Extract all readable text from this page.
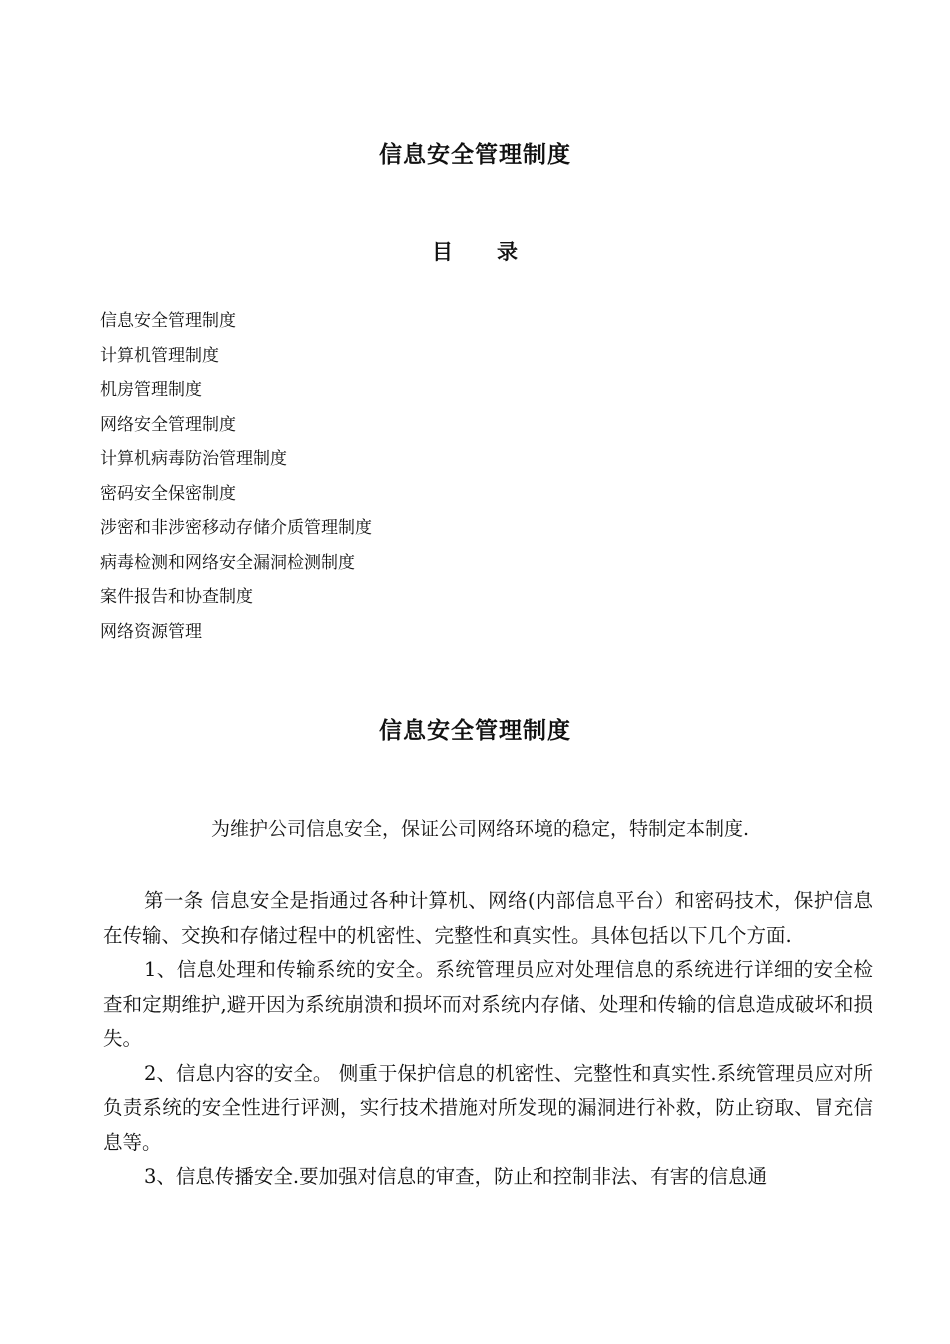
信息安全管理制度
目 录
信息安全管理制度
计算机管理制度
机房管理制度
网络安全管理制度
计算机病毒防治管理制度
密码安全保密制度
涉密和非涉密移动存储介质管理制度
病毒检测和网络安全漏洞检测制度
案件报告和协查制度
网络资源管理
信息安全管理制度

为维护公司信息安全，保证公司网络环境的稳定，特制定本制度.

第一条 信息安全是指通过各种计算机、网络(内部信息平台）和密码技术，保护信息在传输、交换和存储过程中的机密性、完整性和真实性。具体包括以下几个方面.

1、信息处理和传输系统的安全。系统管理员应对处理信息的系统进行详细的安全检查和定期维护,避开因为系统崩溃和损坏而对系统内存储、处理和传输的信息造成破坏和损失。

2、信息内容的安全。 侧重于保护信息的机密性、完整性和真实性.系统管理员应对所负责系统的安全性进行评测，实行技术措施对所发现的漏洞进行补救，防止窃取、冒充信息等。

3、信息传播安全.要加强对信息的审查，防止和控制非法、有害的信息通
